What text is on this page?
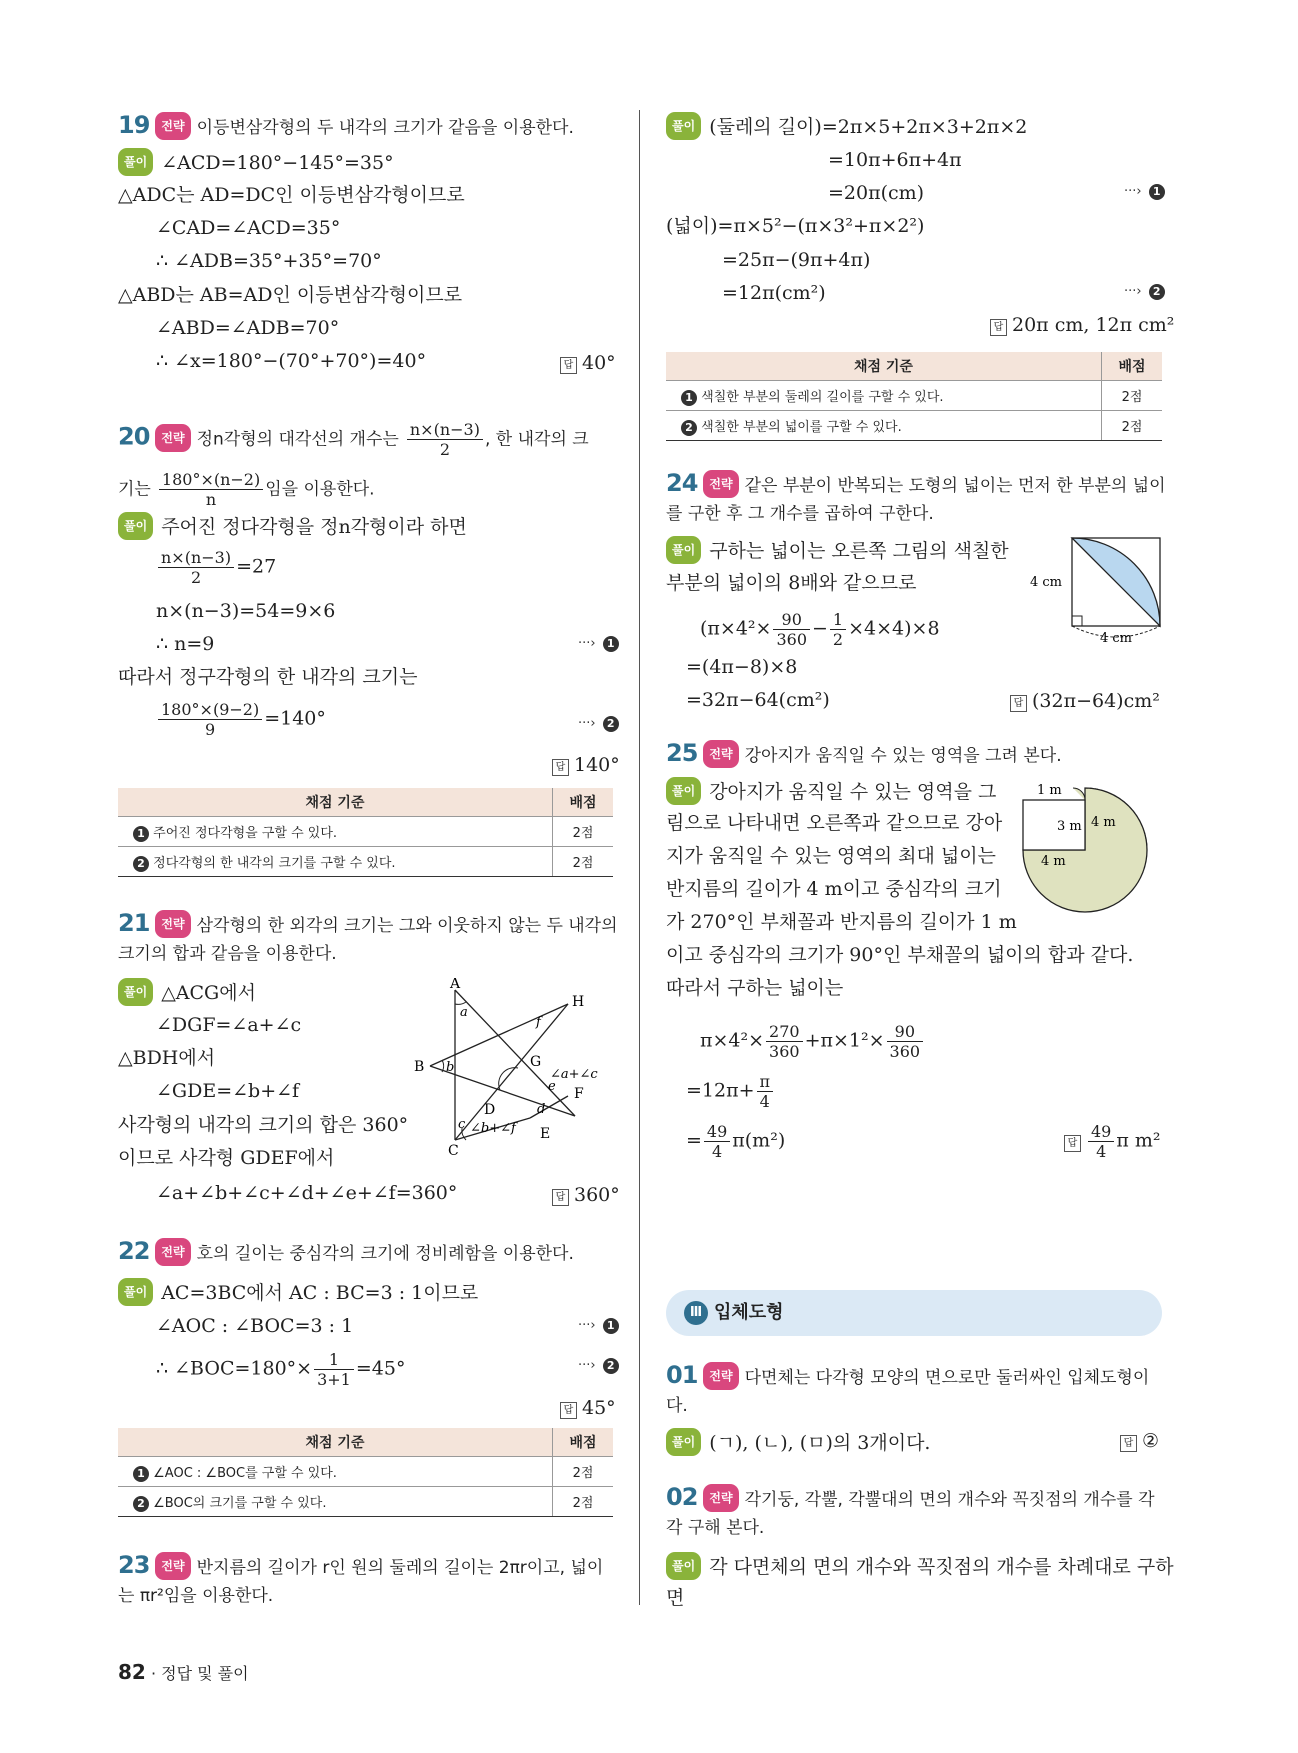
19 전략 이등변삼각형의 두 내각의 크기가 같음을 이용한다.
풀이 ∠ACD=180°−145°=35°
△ADC는 AD=DC인 이등변삼각형이므로
∠CAD=∠ACD=35°
∴ ∠ADB=35°+35°=70°
△ABD는 AB=AD인 이등변삼각형이므로
∠ABD=∠ADB=70°
∴ ∠x=180°−(70°+70°)=40°	답 40°
20 전략 정n각형의 대각선의 개수는 $\frac{n\times(n-3)}{2}$ , 한 내각의 크
기는 $\frac{180^\circ\times(n-2)}{n}$ 임을 이용한다.
풀이 주어진 정다각형을 정n각형이라 하면
$\frac{n\times(n-3)}{2} =27$
n×(n−3)=54=9×6
∴ n=9	···› 1
따라서 정구각형의 한 내각의 크기는
$\frac{180^\circ\times(9-2)}{9} =140^\circ$	···› 2
답 140°
채점 기준	배점
1 주어진 정다각형을 구할 수 있다.	2점
2 정다각형의 한 내각의 크기를 구할 수 있다.	2점
21 전략 삼각형의 한 외각의 크기는 그와 이웃하지 않는 두 내각의
크기의 합과 같음을 이용한다.
풀이 △ACG에서
∠DGF=∠a+∠c
△BDH에서
∠GDE=∠b+∠f
사각형의 내각의 크기의 합은 360°
이므로 사각형 GDEF에서
∠a+∠b+∠c+∠d+∠e+∠f=360°	답 360°
A
B
C
D
E
F
G
H
a
b
c
d
e
f
∠a+∠c
∠b+∠f
22 전략 호의 길이는 중심각의 크기에 정비례함을 이용한다.
풀이 AC=3BC에서 AC : BC=3 : 1이므로
∠AOC : ∠BOC=3 : 1	···› 1
∴ ∠BOC=180°× $\frac{1}{3+1} =45^\circ$	···› 2
답 45°
채점 기준	배점
1 ∠AOC : ∠BOC를 구할 수 있다.	2점
2 ∠BOC의 크기를 구할 수 있다.	2점
23 전략 반지름의 길이가 r인 원의 둘레의 길이는 2πr이고, 넓이
는 πr²임을 이용한다.
풀이 (둘레의 길이)=2π×5+2π×3+2π×2
=10π+6π+4π
=20π(cm)	···› 1
(넓이)=π×5²−(π×3²+π×2²)
=25π−(9π+4π)
=12π(cm²)	···› 2
답 20π cm, 12π cm²
채점 기준	배점
1 색칠한 부분의 둘레의 길이를 구할 수 있다.	2점
2 색칠한 부분의 넓이를 구할 수 있다.	2점
24 전략 같은 부분이 반복되는 도형의 넓이는 먼저 한 부분의 넓이
를 구한 후 그 개수를 곱하여 구한다.
풀이 구하는 넓이는 오른쪽 그림의 색칠한
부분의 넓이의 8배와 같으므로
$(\pi\times 4^2\times \frac{90}{360} - \frac{1}{2} \times 4\times 4)\times 8$
=(4π−8)×8
=32π−64(cm²)	답 (32π−64)cm²
4 cm
4 cm
25 전략 강아지가 움직일 수 있는 영역을 그려 본다.
풀이 강아지가 움직일 수 있는 영역을 그
림으로 나타내면 오른쪽과 같으므로 강아
지가 움직일 수 있는 영역의 최대 넓이는
반지름의 길이가 4 m이고 중심각의 크기
가 270°인 부채꼴과 반지름의 길이가 1 m
이고 중심각의 크기가 90°인 부채꼴의 넓이의 합과 같다.
따라서 구하는 넓이는
1 m
3 m 4 m
4 m
$\pi\times 4^2\times \frac{270}{360} +\pi\times 1^2\times \frac{90}{360}$
$=12\pi+ \frac{\pi}{4}$
= $\frac{49}{4} \pi(m^2)$	답 $\frac{49}{4}$ π m²
Ⅲ 입체도형
01 전략 다면체는 다각형 모양의 면으로만 둘러싸인 입체도형이
다.
풀이 (ㄱ), (ㄴ), (ㅁ)의 3개이다.	답 ②
02 전략 각기둥, 각뿔, 각뿔대의 면의 개수와 꼭짓점의 개수를 각
각 구해 본다.
풀이 각 다면체의 면의 개수와 꼭짓점의 개수를 차례대로 구하
면
82 · 정답 및 풀이
